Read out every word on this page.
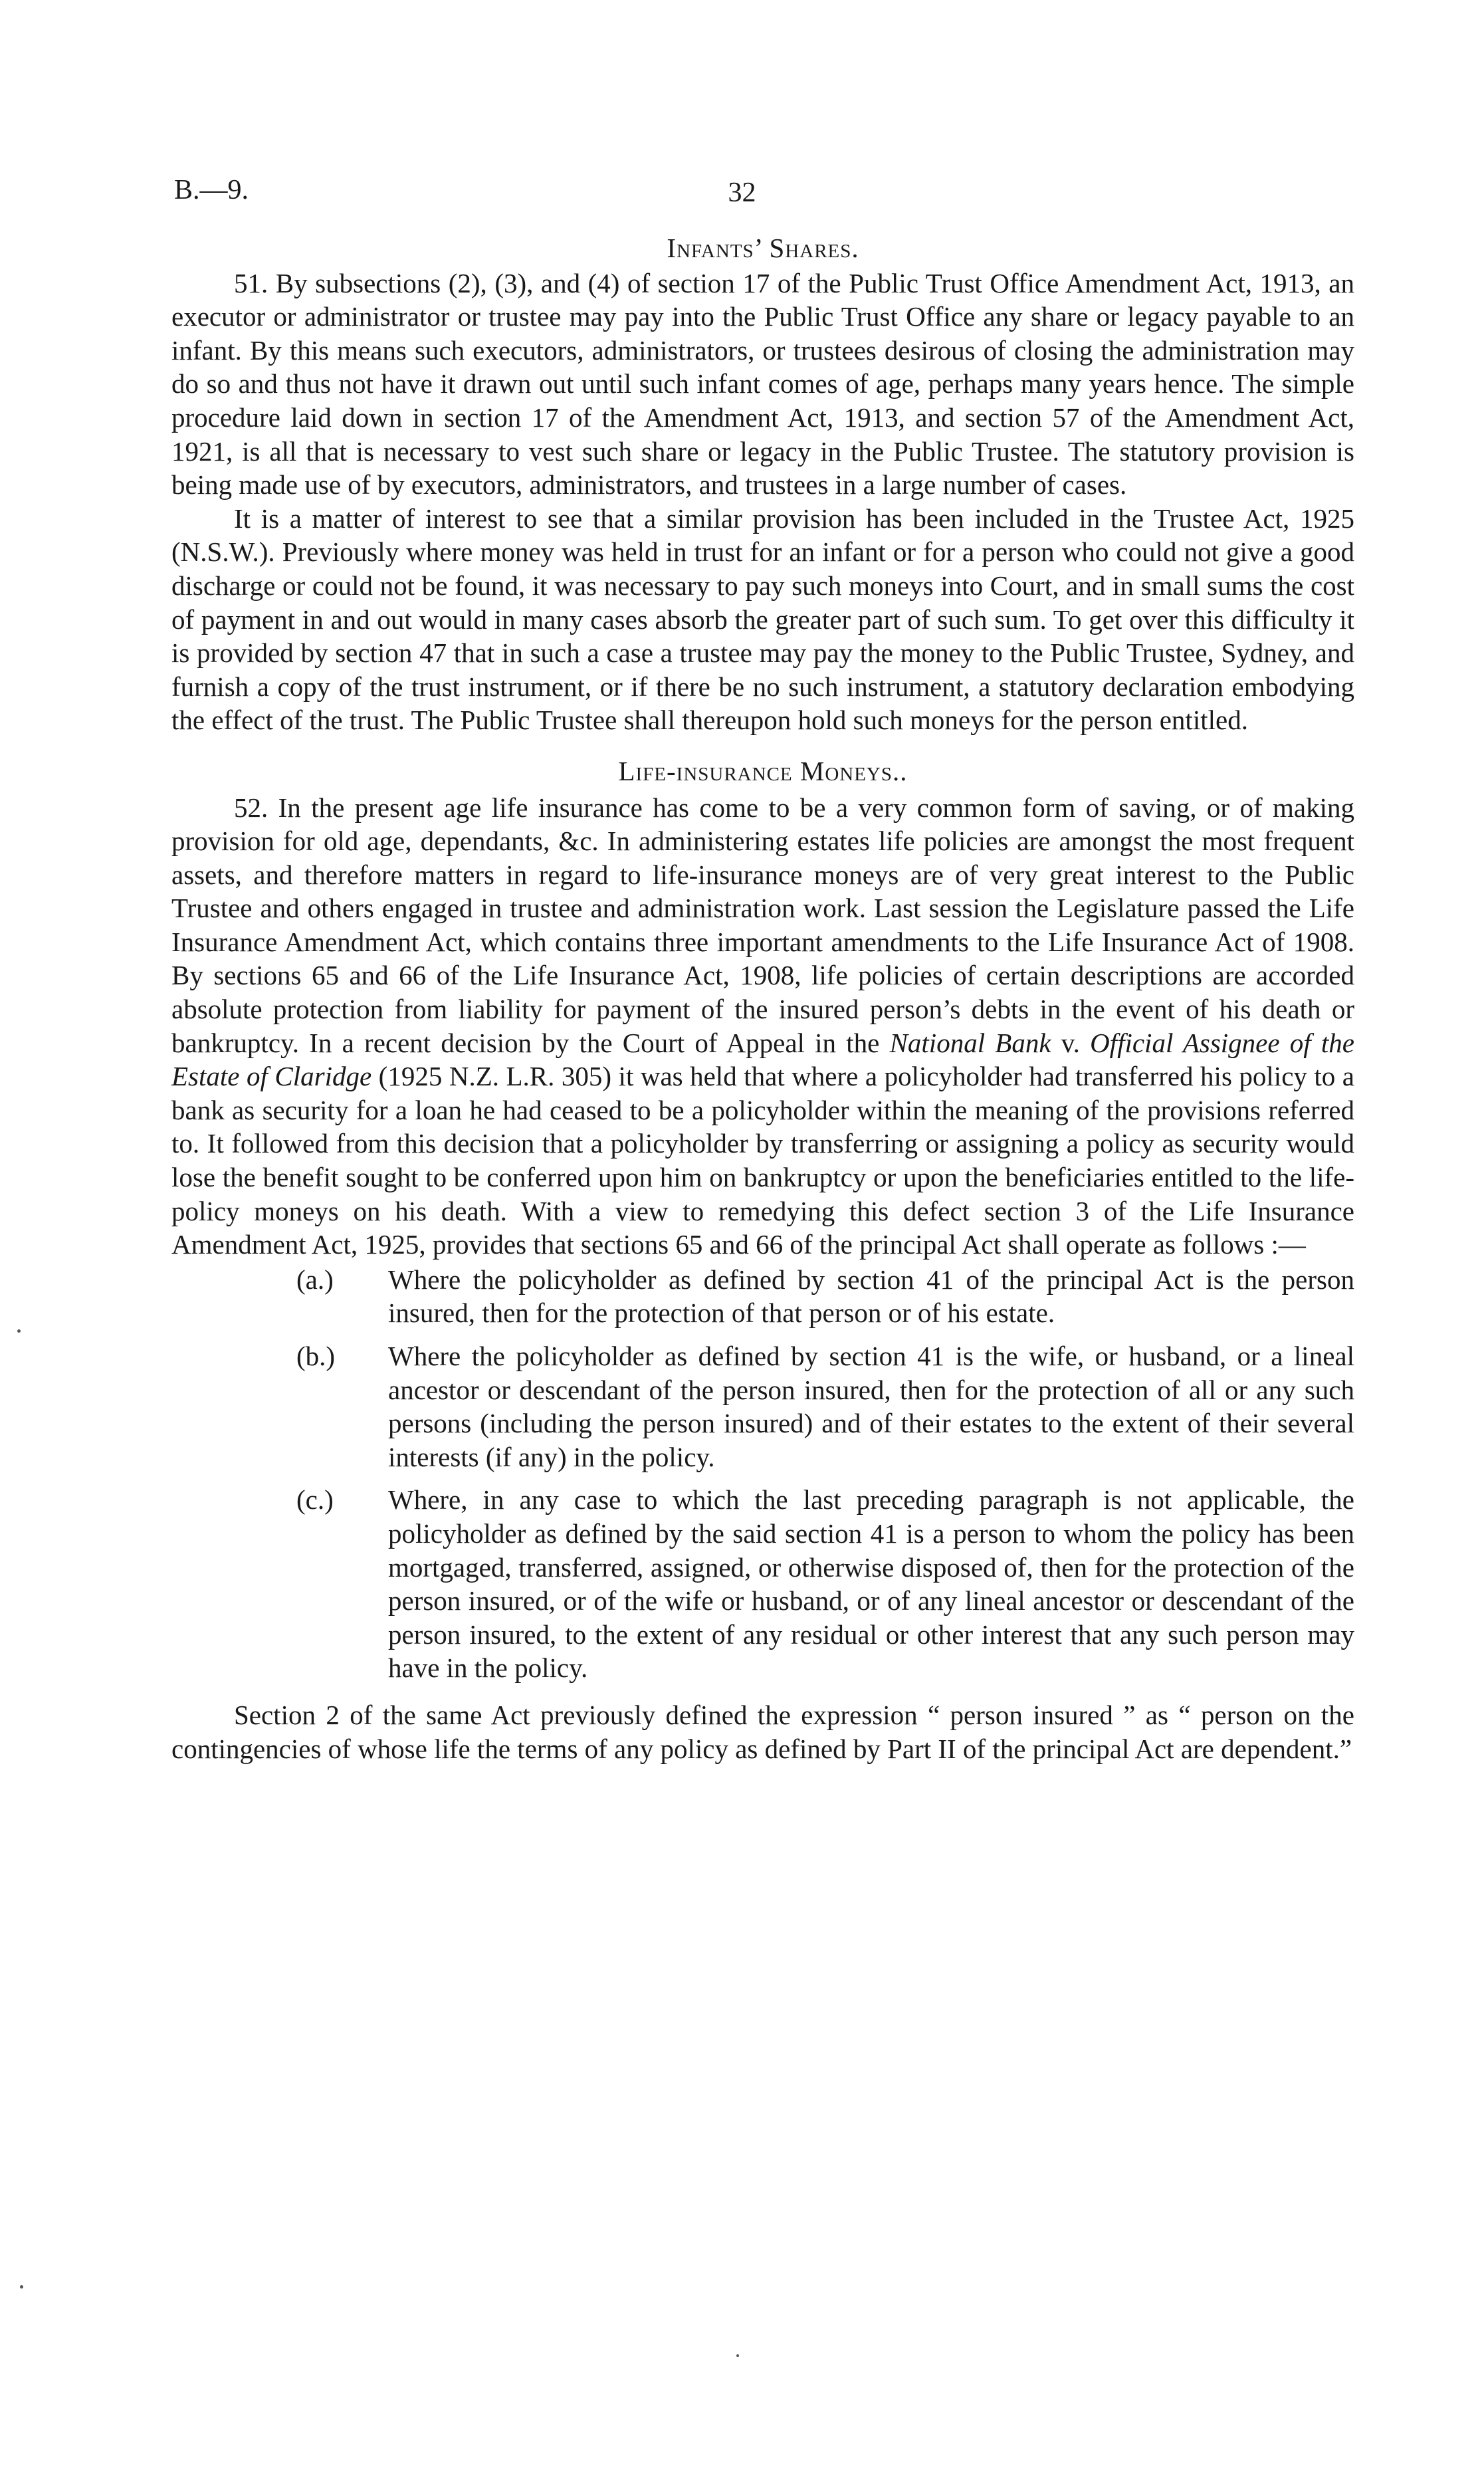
B.—9.	32
Infants’ Shares.

51. By subsections (2), (3), and (4) of section 17 of the Public Trust Office Amendment Act, 1913, an executor or administrator or trustee may pay into the Public Trust Office any share or legacy payable to an infant. By this means such executors, administrators, or trustees desirous of closing the administration may do so and thus not have it drawn out until such infant comes of age, perhaps many years hence. The simple procedure laid down in section 17 of the Amendment Act, 1913, and section 57 of the Amendment Act, 1921, is all that is necessary to vest such share or legacy in the Public Trustee. The statutory provision is being made use of by executors, administrators, and trustees in a large number of cases.

It is a matter of interest to see that a similar provision has been included in the Trustee Act, 1925 (N.S.W.). Previously where money was held in trust for an infant or for a person who could not give a good discharge or could not be found, it was necessary to pay such moneys into Court, and in small sums the cost of payment in and out would in many cases absorb the greater part of such sum. To get over this difficulty it is provided by section 47 that in such a case a trustee may pay the money to the Public Trustee, Sydney, and furnish a copy of the trust instrument, or if there be no such instrument, a statutory declaration embodying the effect of the trust. The Public Trustee shall thereupon hold such moneys for the person entitled.

Life-insurance Moneys..

52. In the present age life insurance has come to be a very common form of saving, or of making provision for old age, dependants, &c. In administering estates life policies are amongst the most frequent assets, and therefore matters in regard to life-insurance moneys are of very great interest to the Public Trustee and others engaged in trustee and administration work. Last session the Legislature passed the Life Insurance Amendment Act, which contains three important amendments to the Life Insurance Act of 1908. By sections 65 and 66 of the Life Insurance Act, 1908, life policies of certain descriptions are accorded absolute protection from liability for payment of the insured person’s debts in the event of his death or bankruptcy. In a recent decision by the Court of Appeal in the National Bank v. Official Assignee of the Estate of Claridge (1925 N.Z. L.R. 305) it was held that where a policyholder had transferred his policy to a bank as security for a loan he had ceased to be a policyholder within the meaning of the provisions referred to. It followed from this decision that a policyholder by transferring or assigning a policy as security would lose the benefit sought to be conferred upon him on bankruptcy or upon the beneficiaries entitled to the life-policy moneys on his death. With a view to remedying this defect section 3 of the Life Insurance Amendment Act, 1925, provides that sections 65 and 66 of the principal Act shall operate as follows :—

(a.) Where the policyholder as defined by section 41 of the principal Act is the person insured, then for the protection of that person or of his estate.
(b.) Where the policyholder as defined by section 41 is the wife, or husband, or a lineal ancestor or descendant of the person insured, then for the protection of all or any such persons (including the person insured) and of their estates to the extent of their several interests (if any) in the policy.
(c.) Where, in any case to which the last preceding paragraph is not applicable, the policyholder as defined by the said section 41 is a person to whom the policy has been mortgaged, transferred, assigned, or otherwise disposed of, then for the protection of the person insured, or of the wife or husband, or of any lineal ancestor or descendant of the person insured, to the extent of any residual or other interest that any such person may have in the policy.

Section 2 of the same Act previously defined the expression “ person insured ” as “ person on the contingencies of whose life the terms of any policy as defined by Part II of the principal Act are dependent.”
